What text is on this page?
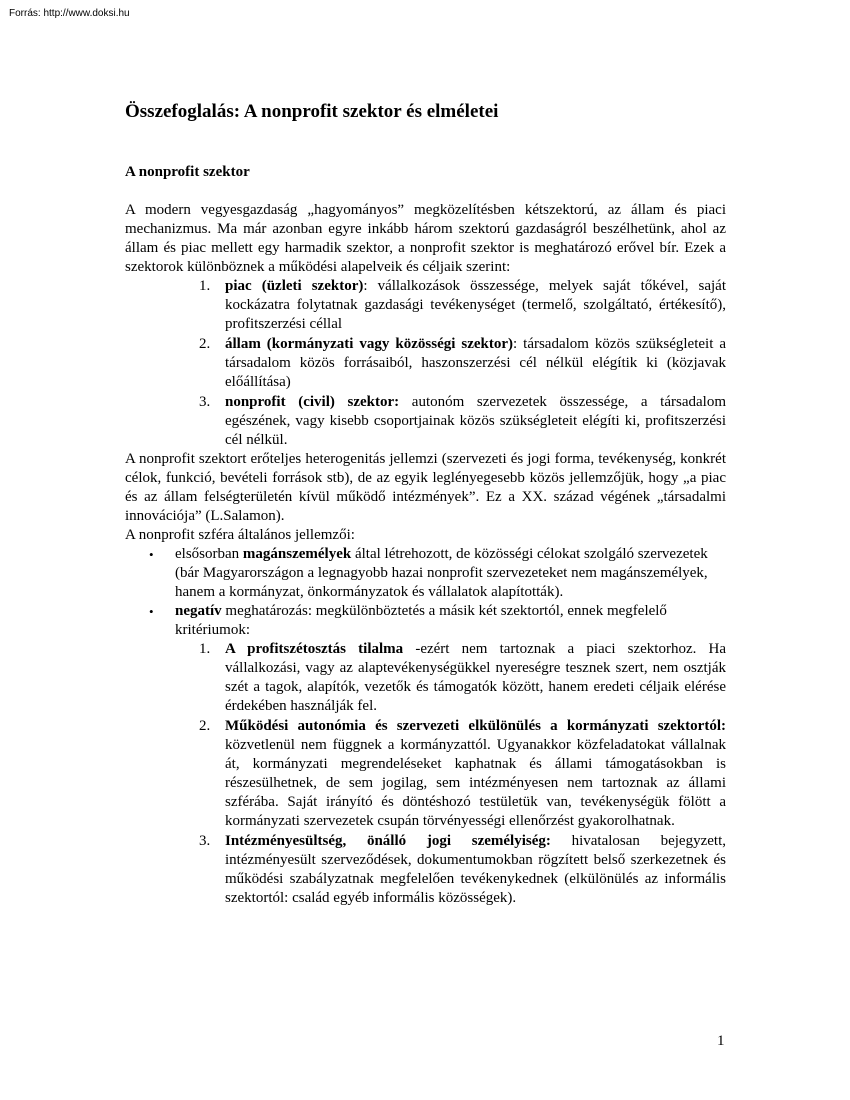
Forrás: http://www.doksi.hu
Összefoglalás: A nonprofit szektor és elméletei
A nonprofit szektor

A modern vegyesgazdaság „hagyományos” megközelítésben kétszektorú, az állam és piaci mechanizmus. Ma már azonban egyre inkább három szektorú gazdaságról beszélhetünk, ahol az állam és piac mellett egy harmadik szektor, a nonprofit szektor is meghatározó erővel bír. Ezek a szektorok különböznek a működési alapelveik és céljaik szerint:

1. piac (üzleti szektor): vállalkozások összessége, melyek saját tőkével, saját kockázatra folytatnak gazdasági tevékenységet (termelő, szolgáltató, értékesítő), profitszerzési céllal
2. állam (kormányzati vagy közösségi szektor): társadalom közös szükségleteit a társadalom közös forrásaiból, haszonszerzési cél nélkül elégítik ki (közjavak előállítása)
3. nonprofit (civil) szektor: autonóm szervezetek összessége, a társadalom egészének, vagy kisebb csoportjainak közös szükségleteit elégíti ki, profitszerzési cél nélkül.

A nonprofit szektort erőteljes heterogenitás jellemzi (szervezeti és jogi forma, tevékenység, konkrét célok, funkció, bevételi források stb), de az egyik leglényegesebb közös jellemzőjük, hogy „a piac és az állam felségterületén kívül működő intézmények”. Ez a XX. század végének „társadalmi innovációja” (L.Salamon).

A nonprofit szféra általános jellemzői:

• elsősorban magánszemélyek által létrehozott, de közösségi célokat szolgáló szervezetek (bár Magyarországon a legnagyobb hazai nonprofit szervezeteket nem magánszemélyek, hanem a kormányzat, önkormányzatok és vállalatok alapították).
• negatív meghatározás: megkülönböztetés a másik két szektortól, ennek megfelelő kritériumok:
1. A profitszétosztás tilalma -ezért nem tartoznak a piaci szektorhoz. Ha vállalkozási, vagy az alaptevékenységükkel nyereségre tesznek szert, nem osztják szét a tagok, alapítók, vezetők és támogatók között, hanem eredeti céljaik elérése érdekében használják fel.
2. Működési autonómia és szervezeti elkülönülés a kormányzati szektortól: közvetlenül nem függnek a kormányzattól. Ugyanakkor közfeladatokat vállalnak át, kormányzati megrendeléseket kaphatnak és állami támogatásokban is részesülhetnek, de sem jogilag, sem intézményesen nem tartoznak az állami szférába. Saját irányító és döntéshozó testületük van, tevékenységük fölött a kormányzati szervezetek csupán törvényességi ellenőrzést gyakorolhatnak.
3. Intézményesültség, önálló jogi személyiség: hivatalosan bejegyzett, intézményesült szerveződések, dokumentumokban rögzített belső szerkezetnek és működési szabályzatnak megfelelően tevékenykednek (elkülönülés az informális szektortól: család egyéb informális közösségek).
1
